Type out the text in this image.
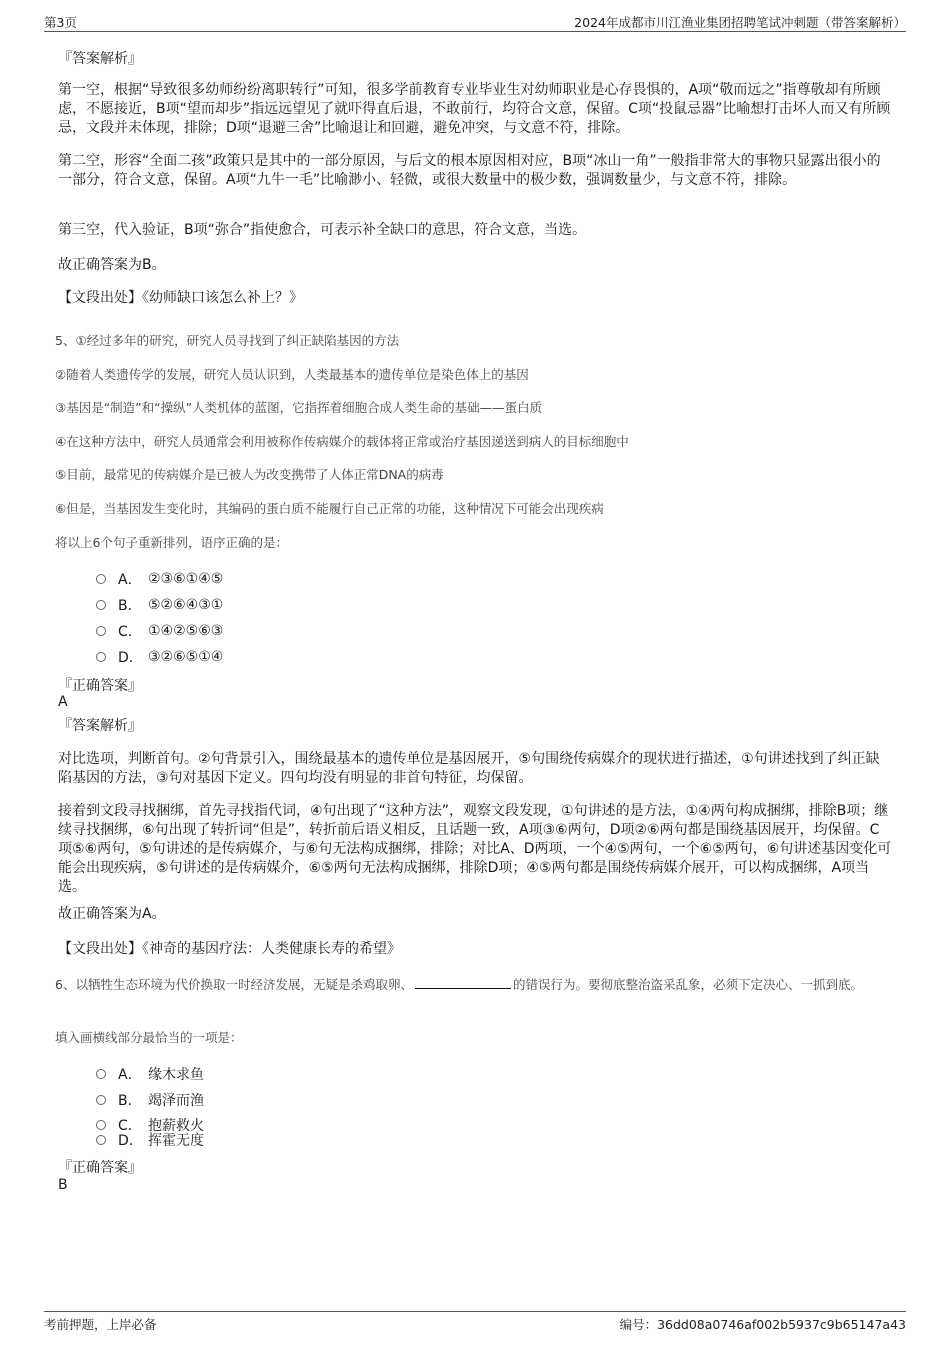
第3页	2024年成都市川江渔业集团招聘笔试冲刺题（带答案解析）
『答案解析』
第一空，根据“导致很多幼师纷纷离职转行”可知，很多学前教育专业毕业生对幼师职业是心存畏惧的，A项“敬而远之”指尊敬却有所顾虑，不愿接近，B项“望而却步”指远远望见了就吓得直后退，不敢前行，均符合文意，保留。C项“投鼠忌器”比喻想打击坏人而又有所顾忌，文段并未体现，排除；D项“退避三舍”比喻退让和回避，避免冲突，与文意不符，排除。
第二空，形容“全面二孩”政策只是其中的一部分原因，与后文的根本原因相对应，B项“冰山一角”一般指非常大的事物只显露出很小的一部分，符合文意，保留。A项“九牛一毛”比喻渺小、轻微，或很大数量中的极少数，强调数量少，与文意不符，排除。
第三空，代入验证，B项“弥合”指使愈合，可表示补全缺口的意思，符合文意，当选。
故正确答案为B。
【文段出处】《幼师缺口该怎么补上？》
5、①经过多年的研究，研究人员寻找到了纠正缺陷基因的方法
②随着人类遗传学的发展，研究人员认识到，人类最基本的遗传单位是染色体上的基因
③基因是“制造”和“操纵”人类机体的蓝图，它指挥着细胞合成人类生命的基础——蛋白质
④在这种方法中，研究人员通常会利用被称作传病媒介的载体将正常或治疗基因递送到病人的目标细胞中
⑤目前，最常见的传病媒介是已被人为改变携带了人体正常DNA的病毒
⑥但是，当基因发生变化时，其编码的蛋白质不能履行自己正常的功能，这种情况下可能会出现疾病
将以上6个句子重新排列，语序正确的是：
A． ②③⑥①④⑤
B． ⑤②⑥④③①
C． ①④②⑤⑥③
D． ③②⑥⑤①④
『正确答案』
A
『答案解析』
对比选项，判断首句。②句背景引入，围绕最基本的遗传单位是基因展开，⑤句围绕传病媒介的现状进行描述，①句讲述找到了纠正缺陷基因的方法，③句对基因下定义。四句均没有明显的非首句特征，均保留。
接着到文段寻找捆绑，首先寻找指代词，④句出现了“这种方法”，观察文段发现，①句讲述的是方法，①④两句构成捆绑，排除B项；继续寻找捆绑，⑥句出现了转折词“但是”，转折前后语义相反，且话题一致，A项③⑥两句，D项②⑥两句都是围绕基因展开，均保留。C项⑤⑥两句，⑤句讲述的是传病媒介，与⑥句无法构成捆绑，排除；对比A、D两项，一个④⑤两句，一个⑥⑤两句，⑥句讲述基因变化可能会出现疾病，⑤句讲述的是传病媒介，⑥⑤两句无法构成捆绑，排除D项；④⑤两句都是围绕传病媒介展开，可以构成捆绑，A项当选。
故正确答案为A。
【文段出处】《神奇的基因疗法：人类健康长寿的希望》
6、以牺牲生态环境为代价换取一时经济发展，无疑是杀鸡取卵、	的错误行为。要彻底整治盗采乱象，必须下定决心、一抓到底。
填入画横线部分最恰当的一项是：
A． 缘木求鱼
B． 竭泽而渔
C． 抱薪救火
D． 挥霍无度
『正确答案』
B
考前押题，上岸必备	编号：36dd08a0746af002b5937c9b65147a43
